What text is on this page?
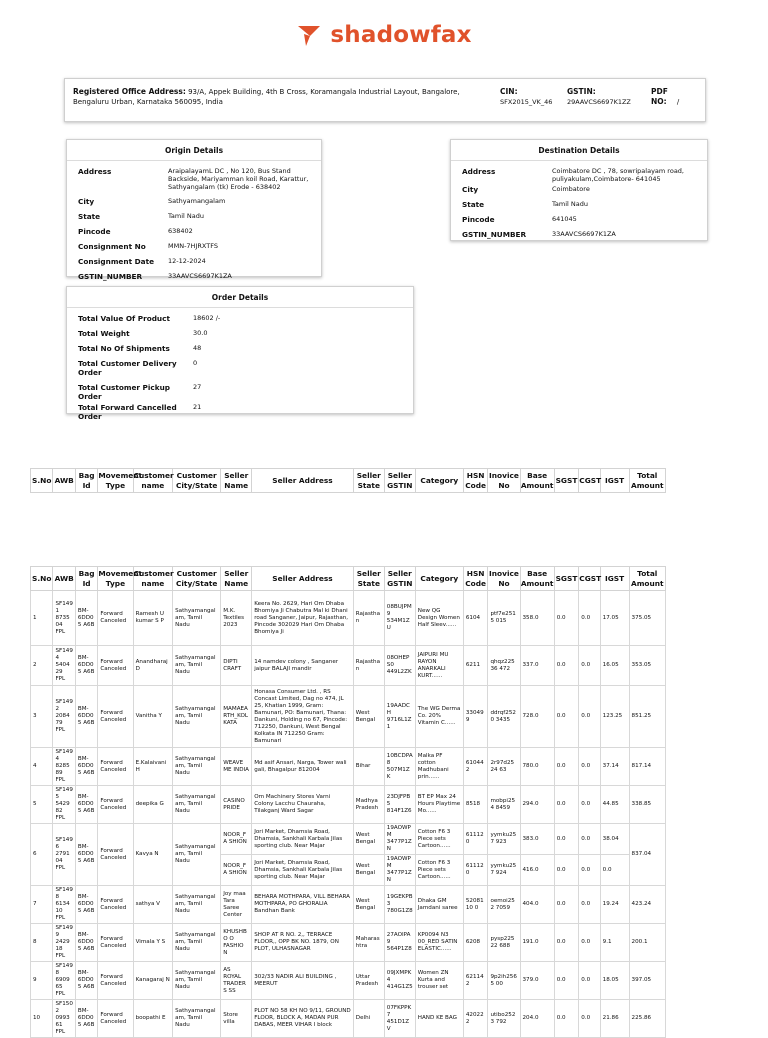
shadowfax
Registered Office Address: 93/A, Appek Building, 4th B Cross, Koramangala Industrial Layout, Bangalore, Bengaluru Urban, Karnataka 560095, India
CIN:
SFX2015_VK_46
GSTIN:
29AAVCS6697K1ZZ
PDF
NO: /
Origin Details
Address	AraipalayamL DC , No 120, Bus Stand Backside, Mariyamman koil Road, Karattur, Sathyangalam (tk) Erode - 638402
City	Sathyamangalam
State	Tamil Nadu
Pincode	638402
Consignment No	MMN-7HJRXTFS
Consignment Date	12-12-2024
GSTIN_NUMBER	33AAVCS6697K1ZA
Destination Details
Address	Coimbatore DC , 78, sowripalayam road, puliyakulam,Coimbatore- 641045
City	Coimbatore
State	Tamil Nadu
Pincode	641045
GSTIN_NUMBER	33AAVCS6697K1ZA
Order Details
Total Value Of Product	18602 /-
Total Weight	30.0
Total No Of Shipments	48
Total Customer Delivery Order
0
Total Customer Pickup Order
27
Total Forward Cancelled Order
21
S.No	AWB	Bag Id	Movement Type	Customer name	Customer City/State	Seller Name	Seller Address	Seller State	Seller GSTIN	Category	HSN Code	Inovice No	Base Amount	SGST	CGST	IGST	Total Amount
S.No	AWB	Bag Id	Movement Type	Customer name	Customer City/State	Seller Name	Seller Address	Seller State	Seller GSTIN	Category	HSN Code	Inovice No	Base Amount	SGST	CGST	IGST	Total Amount
1	SF1491 873504 FPL	BM-6DD05 A6B	Forward Canceled	Ramesh U kumar S P	Sathyamangal am, Tamil Nadu	M.K. Textiles 2023	Keera No. 2629, Hari Om Dhaba Bhomiya Ji Chabutra Mal ki Dhani road Sanganer, Jaipur, Rajasthan, Pincode 302029 Hari Om Dhaba Bhomiya Ji	Rajastha n	08BUJPM9 534M1ZU	New QG Design Women Half Sleev......	6104	ptf7e2515 015	358.0	0.0	0.0	17.05	375.05
2	SF1494 540429 FPL	BM-6DD05 A6B	Forward Canceled	Anandharaj D	Sathyamangal am, Tamil Nadu	DIPTI CRAFT	14 namdev colony , Sanganer jaipur BALAJI mandir	Rajastha n	08OHEPS0 449L2ZK	JAIPURI MU RAYON ANARKALI KURT......	6211	qhqz22536 472	337.0	0.0	0.0	16.05	353.05
3	SF1492 208479 FPL	BM-6DD05 A6B	Forward Canceled	Vanitha Y	Sathyamangal am, Tamil Nadu	MAMAEA RTH_KOL KATA	Honasa Consumer Ltd. , RS Concast Limited, Dag no 474, JL 25, Khatian 1999, Gram: Bamunari, PO: Bamunari, Thana: Dankuni, Holding no 67, Pincode: 712250, Dankuni, West Bengal Kolkata IN 712250 Gram: Bamunari	West Bengal	19AADCH 9716L1Z1	The WG Derma Co. 20% Vitamin C......	330499	ddrqf2520 3435	728.0	0.0	0.0	123.25	851.25
4	SF1494 828589 FPL	BM-6DD05 A6B	Forward Canceled	E.Kalaivani H	Sathyamangal am, Tamil Nadu	WEAVE ME INDIA	Md asif Ansari, Narga, Tower wali gali, Bhagalpur 812004	Bihar	10BCDPA8 507M1ZK	Malka PF cotton Madhubani prin......	610442	2r97d2524 63	780.0	0.0	0.0	37.14	817.14
5	SF1495 542982 FPL	BM-6DD05 A6B	Forward Canceled	deepika G	Sathyamangal am, Tamil Nadu	CASINO PRIDE	Om Machinery Stores Varni Colony Lacchu Chauraha, Tilakganj Ward Sagar	Madhya Pradesh	23DJFPB5 814F1Z6	BT EP Max 24 Hours Playtime Mo......	8518	mobpi254 8459	294.0	0.0	0.0	44.85	338.85
6	SF1496 279104 FPL	BM-6DD05 A6B	Forward Canceled	Kavya N	Sathyamangal am, Tamil Nadu	NOOR_FA SHION	Jori Market, Dhamsia Road, Dhamsia, Sankhali Karbala Jilas sporting club. Near Majar	West Bengal	19AOWPM 3477P1ZN	Cotton F6 3 Piece sets Cartoon......	611120	yymku257 923	383.0	0.0	0.0	38.04	837.04
						NOOR_FA SHION	Jori Market, Dhamsia Road, Dhamsia, Sankhali Karbala Jilas sporting club. Near Majar	West Bengal	19AOWPM 3477P1ZN	Cotton F6 3 Piece sets Cartoon......	611120	yymku257 924	416.0	0.0	0.0	0.0	
7	SF1498 613410 FPL	BM-6DD05 A6B	Forward Canceled	sathya V	Sathyamangal am, Tamil Nadu	Joy maa Tara Saree Center	BEHARA MOTHPARA, VILL BEHARA MOTHPARA, PO GHORALIA Bandhan Bank	West Bengal	19GEKPB3 780G1Z8	Dhaka GM Jamdani saree	5208110 0	oemoi252 7059	404.0	0.0	0.0	19.24	423.24
8	SF1499 242918 FPL	BM-6DD05 A6B	Forward Canceled	Vimala Y S	Sathyamangal am, Tamil Nadu	KHUSHBO O FASHIO N	SHOP AT R NO. 2,, TERRACE FLOOR,, OPP BK NO. 1879, ON PLOT, ULHASNAGAR	Maharas htra	27AOIPA9 564P1Z8	KP0094 N3 00_RED SATIN ELASTIC......	6208	pysp22522 688	191.0	0.0	0.0	9.1	200.1
9	SF1498 690965 FPL	BM-6DD05 A6B	Forward Canceled	Kanagaraj N	Sathyamangal am, Tamil Nadu	AS ROYAL TRADERS SS	302/33 NADIR ALI BUILDING , MEERUT	Uttar Pradesh	09JXMPK4 414G1Z5	Women ZN Kurta and trouser set	621142	9p2ih2565 00	379.0	0.0	0.0	18.05	397.05
10	SF1502 099361 FPL	BM-6DD05 A6B	Forward Canceled	boopathi E	Sathyamangal am, Tamil Nadu	Store villa	PLOT NO 58 KH NO 9/11, GROUND FLOOR, BLOCK A, MADAN PUR DABAS, MEER VIHAR I block	Delhi	07FKPPK7 451D1ZV	HAND KE BAG	420222	utibo2523 792	204.0	0.0	0.0	21.86	225.86
